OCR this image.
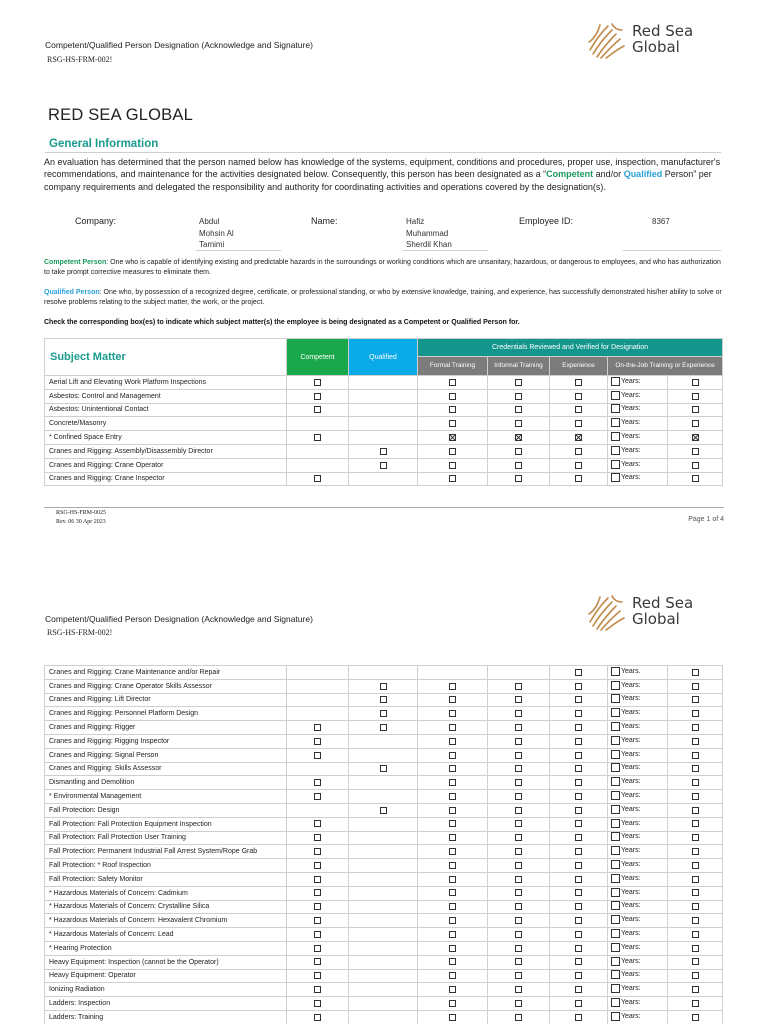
Competent/Qualified Person Designation (Acknowledge and Signature)
RSG-HS-FRM-002!
Red Sea
Global
RED SEA GLOBAL
General Information
An evaluation has determined that the person named below has knowledge of the systems, equipment, conditions and procedures, proper use, inspection, manufacturer's recommendations, and maintenance for the activities designated below. Consequently, this person has been designated as a “Competent and/or Qualified Person” per company requirements and delegated the responsibility and authority for coordinating activities and operations covered by the designation(s).
Company:	Abdul
Mohsin Al
Tamimi
Name:	Hafiz
Muhammad
Sherdil Khan
Employee ID:	8367
Competent Person: One who is capable of identifying existing and predictable hazards in the surroundings or working conditions which are unsanitary, hazardous, or dangerous to employees, and who has authorization to take prompt corrective measures to eliminate them.
Qualified Person: One who, by possession of a recognized degree, certificate, or professional standing, or who by extensive knowledge, training, and experience, has successfully demonstrated his/her ability to solve or resolve problems relating to the subject matter, the work, or the project.
Check the corresponding box(es) to indicate which subject matter(s) the employee is being designated as a Competent or Qualified Person for.
Subject Matter	Competent	Qualified	Credentials Reviewed and Verified for Designation				
			Formal Training	Informal Training	Experience	On-the-Job Training or Experience	
Aerial Lift and Elevating Work Platform Inspections						Years:	

Asbestos: Control and Management						Years:	

Asbestos: Unintentional Contact						Years:	

Concrete/Masonry						Years:	

* Confined Space Entry						Years:	

Cranes and Rigging: Assembly/Disassembly Director						Years:	

Cranes and Rigging: Crane Operator						Years:	

Cranes and Rigging: Crane Inspector						Years:	

RSG-HS-FRM-0025
Rev. 06 30 Apr 2023	Page 1 of 4
Competent/Qualified Person Designation (Acknowledge and Signature)
RSG-HS-FRM-002!
Red Sea
Global
Cranes and Rigging: Crane Maintenance and/or Repair						Years.	

Cranes and Rigging: Crane Operator Skills Assessor						Years:	

Cranes and Rigging: Lift Director						Years:	

Cranes and Rigging: Personnel Platform Design						Years:	

Cranes and Rigging: Rigger						Years:	

Cranes and Rigging: Rigging Inspector						Years:	

Cranes and Rigging: Signal Person						Years:	

Cranes and Rigging: Skills Assessor						Years:	

Dismantling and Demolition						Years:	

* Environmental Management						Years:	

Fall Protection: Design						Years:	

Fall Protection: Fall Protection Equipment Inspection						Years:	

Fall Protection: Fall Protection User Training						Years:	

Fall Protection: Permanent Industrial Fall Arrest System/Rope Grab						Years:	

Fall Protection: * Roof Inspection						Years:	

Fall Protection: Safety Monitor						Years:	

* Hazardous Materials of Concern: Cadmium						Years:	

* Hazardous Materials of Concern: Crystalline Silica						Years:	

* Hazardous Materials of Concern: Hexavalent Chromium						Years:	

* Hazardous Materials of Concern: Lead						Years:	

* Hearing Protection						Years:	

Heavy Equipment: Inspection (cannot be the Operator)						Years:	

Heavy Equipment: Operator						Years:	

Ionizing Radiation						Years:	

Ladders: Inspection						Years:	

Ladders: Training						Years:	
